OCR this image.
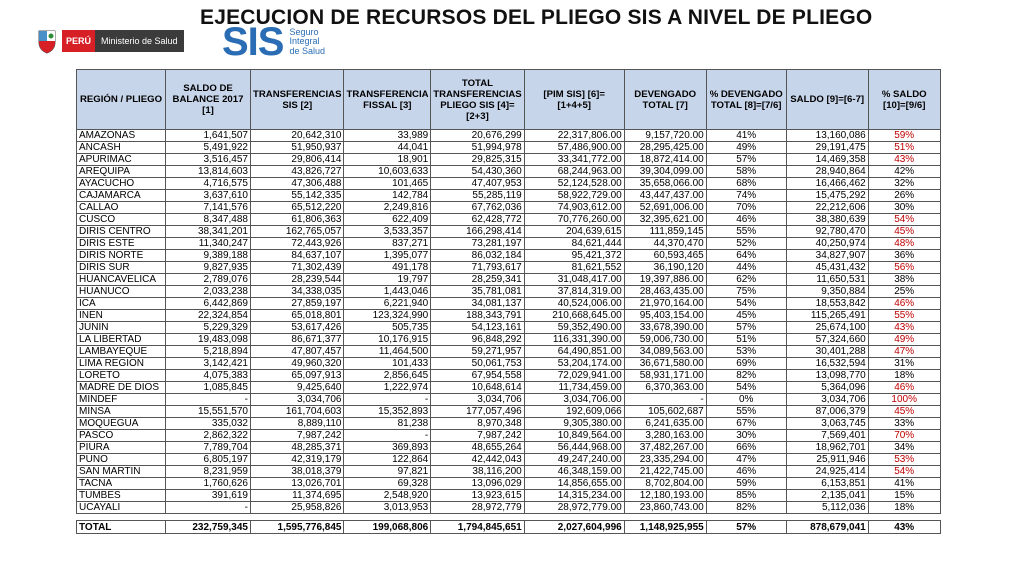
PERÚ	Ministerio de Salud SIS Seguro
Integral
de Salud
EJECUCION DE RECURSOS DEL PLIEGO SIS A NIVEL DE PLIEGO
REGIÓN / PLIEGO	SALDO DE BALANCE 2017 [1]	TRANSFERENCIAS SIS [2]	TRANSFERENCIA FISSAL [3]	TOTAL TRANSFERENCIAS PLIEGO SIS [4]=[2+3]	[PIM SIS] [6]=[1+4+5]	DEVENGADO TOTAL [7]	% DEVENGADO TOTAL [8]=[7/6]	SALDO [9]=[6-7]	% SALDO [10]=[9/6]
AMAZONAS	1,641,507	20,642,310	33,989	20,676,299	22,317,806.00	9,157,720.00	41%	13,160,086	59%
ANCASH	5,491,922	51,950,937	44,041	51,994,978	57,486,900.00	28,295,425.00	49%	29,191,475	51%
APURIMAC	3,516,457	29,806,414	18,901	29,825,315	33,341,772.00	18,872,414.00	57%	14,469,358	43%
AREQUIPA	13,814,603	43,826,727	10,603,633	54,430,360	68,244,963.00	39,304,099.00	58%	28,940,864	42%
AYACUCHO	4,716,575	47,306,488	101,465	47,407,953	52,124,528.00	35,658,066.00	68%	16,466,462	32%
CAJAMARCA	3,637,610	55,142,335	142,784	55,285,119	58,922,729.00	43,447,437.00	74%	15,475,292	26%
CALLAO	7,141,576	65,512,220	2,249,816	67,762,036	74,903,612.00	52,691,006.00	70%	22,212,606	30%
CUSCO	8,347,488	61,806,363	622,409	62,428,772	70,776,260.00	32,395,621.00	46%	38,380,639	54%
DIRIS CENTRO	38,341,201	162,765,057	3,533,357	166,298,414	204,639,615	111,859,145	55%	92,780,470	45%
DIRIS ESTE	11,340,247	72,443,926	837,271	73,281,197	84,621,444	44,370,470	52%	40,250,974	48%
DIRIS NORTE	9,389,188	84,637,107	1,395,077	86,032,184	95,421,372	60,593,465	64%	34,827,907	36%
DIRIS SUR	9,827,935	71,302,439	491,178	71,793,617	81,621,552	36,190,120	44%	45,431,432	56%
HUANCAVELICA	2,789,076	28,239,544	19,797	28,259,341	31,048,417.00	19,397,886.00	62%	11,650,531	38%
HUANUCO	2,033,238	34,338,035	1,443,046	35,781,081	37,814,319.00	28,463,435.00	75%	9,350,884	25%
ICA	6,442,869	27,859,197	6,221,940	34,081,137	40,524,006.00	21,970,164.00	54%	18,553,842	46%
INEN	22,324,854	65,018,801	123,324,990	188,343,791	210,668,645.00	95,403,154.00	45%	115,265,491	55%
JUNIN	5,229,329	53,617,426	505,735	54,123,161	59,352,490.00	33,678,390.00	57%	25,674,100	43%
LA LIBERTAD	19,483,098	86,671,377	10,176,915	96,848,292	116,331,390.00	59,006,730.00	51%	57,324,660	49%
LAMBAYEQUE	5,218,894	47,807,457	11,464,500	59,271,957	64,490,851.00	34,089,563.00	53%	30,401,288	47%
LIMA REGION	3,142,421	49,960,320	101,433	50,061,753	53,204,174.00	36,671,580.00	69%	16,532,594	31%
LORETO	4,075,383	65,097,913	2,856,645	67,954,558	72,029,941.00	58,931,171.00	82%	13,098,770	18%
MADRE DE DIOS	1,085,845	9,425,640	1,222,974	10,648,614	11,734,459.00	6,370,363.00	54%	5,364,096	46%
MINDEF	-	3,034,706	-	3,034,706	3,034,706.00	-	0%	3,034,706	100%
MINSA	15,551,570	161,704,603	15,352,893	177,057,496	192,609,066	105,602,687	55%	87,006,379	45%
MOQUEGUA	335,032	8,889,110	81,238	8,970,348	9,305,380.00	6,241,635.00	67%	3,063,745	33%
PASCO	2,862,322	7,987,242	-	7,987,242	10,849,564.00	3,280,163.00	30%	7,569,401	70%
PIURA	7,789,704	48,285,371	369,893	48,655,264	56,444,968.00	37,482,267.00	66%	18,962,701	34%
PUNO	6,805,197	42,319,179	122,864	42,442,043	49,247,240.00	23,335,294.00	47%	25,911,946	53%
SAN MARTIN	8,231,959	38,018,379	97,821	38,116,200	46,348,159.00	21,422,745.00	46%	24,925,414	54%
TACNA	1,760,626	13,026,701	69,328	13,096,029	14,856,655.00	8,702,804.00	59%	6,153,851	41%
TUMBES	391,619	11,374,695	2,548,920	13,923,615	14,315,234.00	12,180,193.00	85%	2,135,041	15%
UCAYALI	-	25,958,826	3,013,953	28,972,779	28,972,779.00	23,860,743.00	82%	5,112,036	18%

TOTAL	232,759,345	1,595,776,845	199,068,806	1,794,845,651	2,027,604,996	1,148,925,955	57%	878,679,041	43%
